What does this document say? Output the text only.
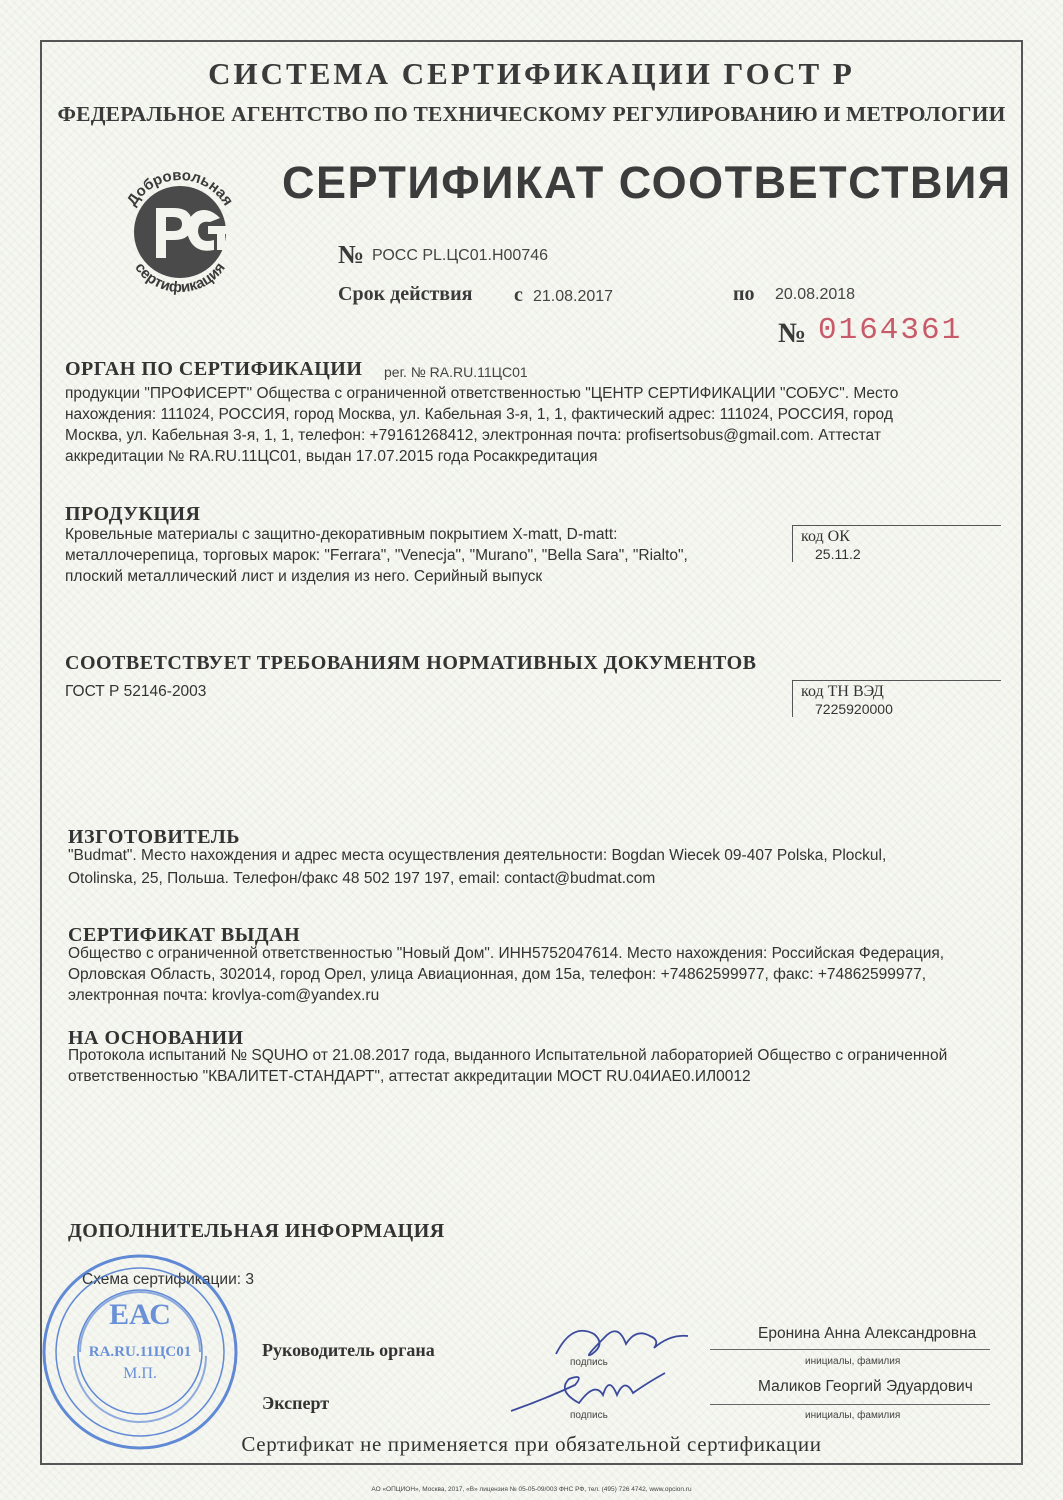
СИСТЕМА СЕРТИФИКАЦИИ ГОСТ Р
ФЕДЕРАЛЬНОЕ АГЕНТСТВО ПО ТЕХНИЧЕСКОМУ РЕГУЛИРОВАНИЮ И МЕТРОЛОГИИ
СЕРТИФИКАТ СООТВЕТСТВИЯ
Добровольная
сертификация	№ РОСС PL.ЦС01.Н00746
Срок действия с 21.08.2017	по 20.08.2018
№ 0164361
ОРГАН ПО СЕРТИФИКАЦИИ рег. № RA.RU.11ЦС01
продукции "ПРОФИСЕРТ" Общества с ограниченной ответственностью "ЦЕНТР СЕРТИФИКАЦИИ "СОБУС". Место
нахождения: 111024, РОССИЯ, город Москва, ул. Кабельная 3-я, 1, 1, фактический адрес: 111024, РОССИЯ, город
Москва, ул. Кабельная 3-я, 1, 1, телефон: +79161268412, электронная почта: profisertsobus@gmail.com. Аттестат
аккредитации № RA.RU.11ЦС01, выдан 17.07.2015 года Росаккредитация
ПРОДУКЦИЯ
Кровельные материалы с защитно-декоративным покрытием X-matt, D-matt:
металлочерепица, торговых марок: "Ferrara", "Venecja", "Murano", "Bella Sara", "Rialto",
плоский металлический лист и изделия из него. Серийный выпуск
код ОК
25.11.2
СООТВЕТСТВУЕТ ТРЕБОВАНИЯМ НОРМАТИВНЫХ ДОКУМЕНТОВ
ГОСТ Р 52146-2003	код ТН ВЭД
7225920000
ИЗГОТОВИТЕЛЬ
"Budmat". Место нахождения и адрес места осуществления деятельности: Bogdan Wiecek 09-407 Polska, Plockul,
Otolinska, 25, Польша. Телефон/факс 48 502 197 197, email: contact@budmat.com
СЕРТИФИКАТ ВЫДАН
Общество с ограниченной ответственностью "Новый Дом". ИНН5752047614. Место нахождения: Российская Федерация,
Орловская Область, 302014, город Орел, улица Авиационная, дом 15а, телефон: +74862599977, факс: +74862599977,
электронная почта: krovlya-com@yandex.ru
НА ОСНОВАНИИ
Протокола испытаний № SQUHO от 21.08.2017 года, выданного Испытательной лабораторией Общество с ограниченной
ответственностью "КВАЛИТЕТ-СТАНДАРТ", аттестат аккредитации МОСТ RU.04ИАЕ0.ИЛ0012
ДОПОЛНИТЕЛЬНАЯ ИНФОРМАЦИЯ
Схема сертификации: 3
ЕАС
RA.RU.11ЦС01
М.П.
Руководитель органа
подпись
Еронина Анна Александровна
инициалы, фамилия
Эксперт
подпись
Маликов Георгий Эдуардович
инициалы, фамилия
Сертификат не применяется при обязательной сертификации
АО «ОПЦИОН», Москва, 2017, «В» лицензия № 05-05-09/003 ФНС РФ, тел. (495) 726 4742, www.opcion.ru
